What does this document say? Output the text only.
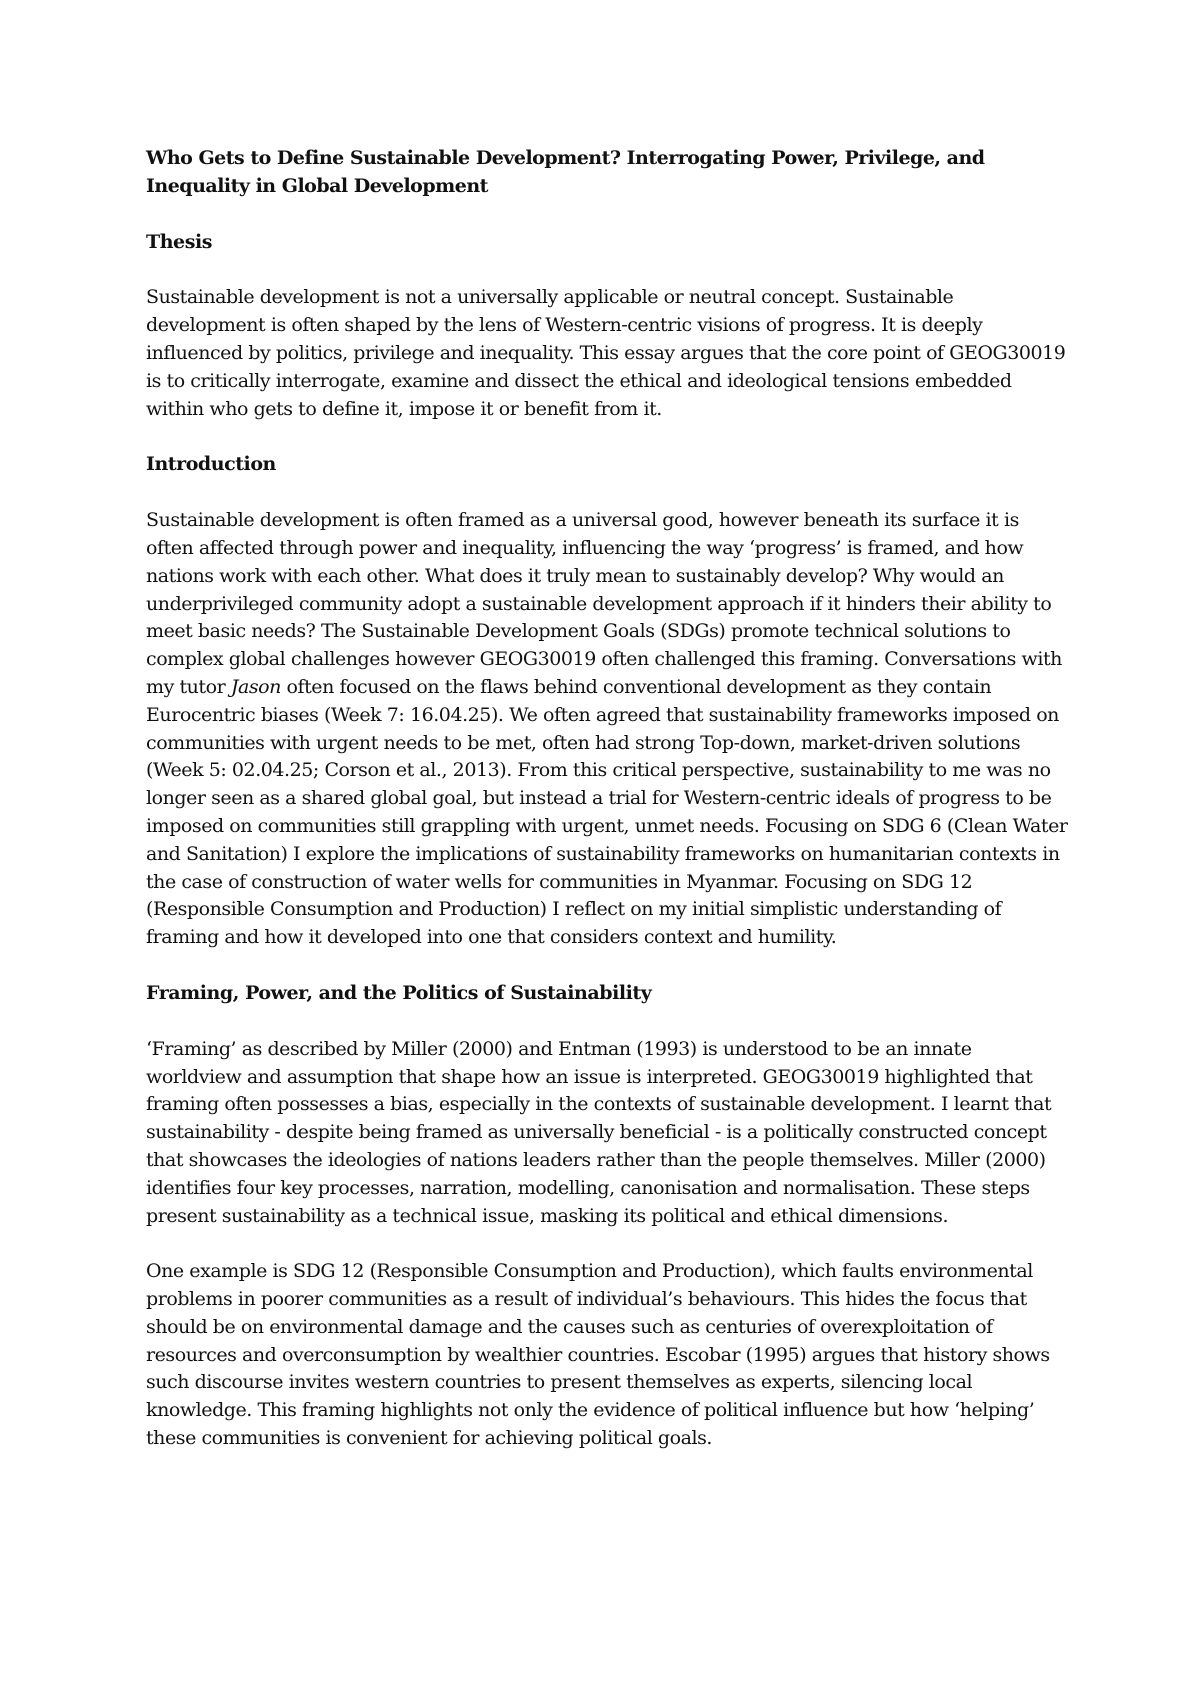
Who Gets to Define Sustainable Development? Interrogating Power, Privilege, and Inequality in Global Development

Thesis

Sustainable development is not a universally applicable or neutral concept. Sustainable development is often shaped by the lens of Western-centric visions of progress. It is deeply influenced by politics, privilege and inequality. This essay argues that the core point of GEOG30019 is to critically interrogate, examine and dissect the ethical and ideological tensions embedded within who gets to define it, impose it or benefit from it.

Introduction

Sustainable development is often framed as a universal good, however beneath its surface it is often affected through power and inequality, influencing the way ‘progress’ is framed, and how nations work with each other. What does it truly mean to sustainably develop? Why would an underprivileged community adopt a sustainable development approach if it hinders their ability to meet basic needs? The Sustainable Development Goals (SDGs) promote technical solutions to complex global challenges however GEOG30019 often challenged this framing. Conversations with my tutor Jason often focused on the flaws behind conventional development as they contain Eurocentric biases (Week 7: 16.04.25). We often agreed that sustainability frameworks imposed on communities with urgent needs to be met, often had strong Top-down, market-driven solutions (Week 5: 02.04.25; Corson et al., 2013). From this critical perspective, sustainability to me was no longer seen as a shared global goal, but instead a trial for Western-centric ideals of progress to be imposed on communities still grappling with urgent, unmet needs. Focusing on SDG 6 (Clean Water and Sanitation) I explore the implications of sustainability frameworks on humanitarian contexts in the case of construction of water wells for communities in Myanmar. Focusing on SDG 12 (Responsible Consumption and Production) I reflect on my initial simplistic understanding of framing and how it developed into one that considers context and humility.

Framing, Power, and the Politics of Sustainability

‘Framing’ as described by Miller (2000) and Entman (1993) is understood to be an innate worldview and assumption that shape how an issue is interpreted. GEOG30019 highlighted that framing often possesses a bias, especially in the contexts of sustainable development. I learnt that sustainability - despite being framed as universally beneficial - is a politically constructed concept that showcases the ideologies of nations leaders rather than the people themselves. Miller (2000) identifies four key processes, narration, modelling, canonisation and normalisation. These steps present sustainability as a technical issue, masking its political and ethical dimensions.

One example is SDG 12 (Responsible Consumption and Production), which faults environmental problems in poorer communities as a result of individual’s behaviours. This hides the focus that should be on environmental damage and the causes such as centuries of overexploitation of resources and overconsumption by wealthier countries. Escobar (1995) argues that history shows such discourse invites western countries to present themselves as experts, silencing local knowledge. This framing highlights not only the evidence of political influence but how ‘helping’ these communities is convenient for achieving political goals.
